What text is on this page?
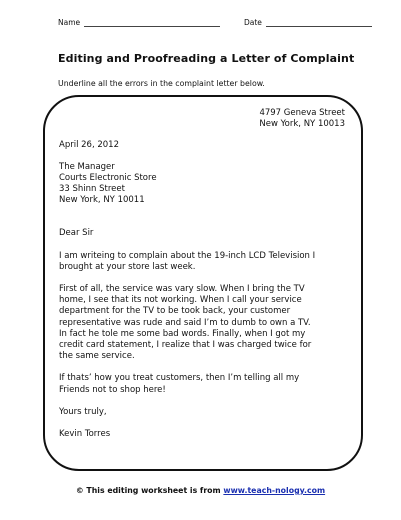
Name	Date
Editing and Proofreading a Letter of Complaint
Underline all the errors in the complaint letter below.

4797 Geneva Street

New York, NY 10013

April 26, 2012

The Manager

Courts Electronic Store

33 Shinn Street

New York, NY 10011

Dear Sir

I am writeing to complain about the 19-inch LCD Television I

brought at your store last week.

First of all, the service was vary slow. When I bring the TV

home, I see that its not working. When I call your service

department for the TV to be took back, your customer

representative was rude and said I’m to dumb to own a TV.

In fact he tole me some bad words. Finally, when I got my

credit card statement, I realize that I was charged twice for

the same service.

If thats’ how you treat customers, then I’m telling all my

Friends not to shop here!

Yours truly,

Kevin Torres

© This editing worksheet is from www.teach-nology.com
